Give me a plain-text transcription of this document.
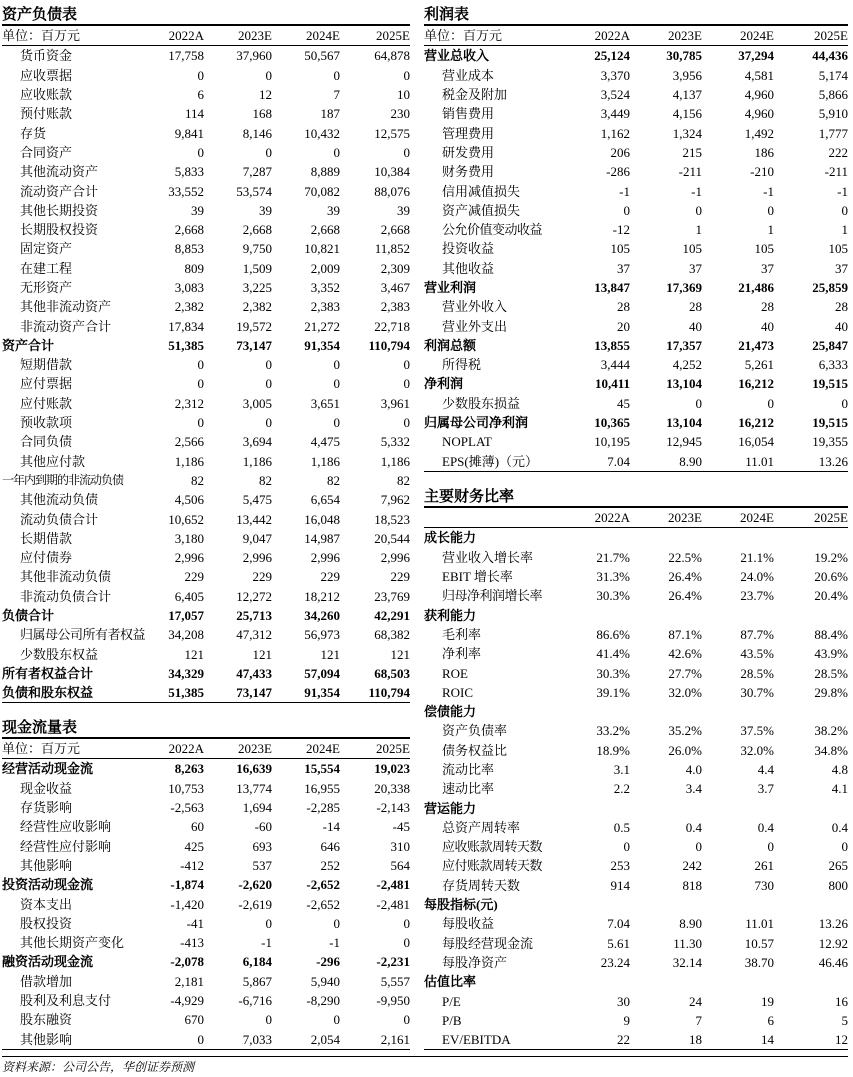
资产负债表
单位：百万元	2022A	2023E	2024E	2025E
货币资金	17,758	37,960	50,567	64,878
应收票据	0	0	0	0
应收账款	6	12	7	10
预付账款	114	168	187	230
存货	9,841	8,146	10,432	12,575
合同资产	0	0	0	0
其他流动资产	5,833	7,287	8,889	10,384
流动资产合计	33,552	53,574	70,082	88,076
其他长期投资	39	39	39	39
长期股权投资	2,668	2,668	2,668	2,668
固定资产	8,853	9,750	10,821	11,852
在建工程	809	1,509	2,009	2,309
无形资产	3,083	3,225	3,352	3,467
其他非流动资产	2,382	2,382	2,383	2,383
非流动资产合计	17,834	19,572	21,272	22,718
资产合计	51,385	73,147	91,354	110,794
短期借款	0	0	0	0
应付票据	0	0	0	0
应付账款	2,312	3,005	3,651	3,961
预收款项	0	0	0	0
合同负债	2,566	3,694	4,475	5,332
其他应付款	1,186	1,186	1,186	1,186
一年内到期的非流动负债	82	82	82	82
其他流动负债	4,506	5,475	6,654	7,962
流动负债合计	10,652	13,442	16,048	18,523
长期借款	3,180	9,047	14,987	20,544
应付债券	2,996	2,996	2,996	2,996
其他非流动负债	229	229	229	229
非流动负债合计	6,405	12,272	18,212	23,769
负债合计	17,057	25,713	34,260	42,291
归属母公司所有者权益	34,208	47,312	56,973	68,382
少数股东权益	121	121	121	121
所有者权益合计	34,329	47,433	57,094	68,503
负债和股东权益	51,385	73,147	91,354	110,794
利润表
单位：百万元	2022A	2023E	2024E	2025E
营业总收入	25,124	30,785	37,294	44,436
营业成本	3,370	3,956	4,581	5,174
税金及附加	3,524	4,137	4,960	5,866
销售费用	3,449	4,156	4,960	5,910
管理费用	1,162	1,324	1,492	1,777
研发费用	206	215	186	222
财务费用	-286	-211	-210	-211
信用减值损失	-1	-1	-1	-1
资产减值损失	0	0	0	0
公允价值变动收益	-12	1	1	1
投资收益	105	105	105	105
其他收益	37	37	37	37
营业利润	13,847	17,369	21,486	25,859
营业外收入	28	28	28	28
营业外支出	20	40	40	40
利润总额	13,855	17,357	21,473	25,847
所得税	3,444	4,252	5,261	6,333
净利润	10,411	13,104	16,212	19,515
少数股东损益	45	0	0	0
归属母公司净利润	10,365	13,104	16,212	19,515
NOPLAT	10,195	12,945	16,054	19,355
EPS(摊薄)（元）	7.04	8.90	11.01	13.26
现金流量表
单位：百万元	2022A	2023E	2024E	2025E
经营活动现金流	8,263	16,639	15,554	19,023
现金收益	10,753	13,774	16,955	20,338
存货影响	-2,563	1,694	-2,285	-2,143
经营性应收影响	60	-60	-14	-45
经营性应付影响	425	693	646	310
其他影响	-412	537	252	564
投资活动现金流	-1,874	-2,620	-2,652	-2,481
资本支出	-1,420	-2,619	-2,652	-2,481
股权投资	-41	0	0	0
其他长期资产变化	-413	-1	-1	0
融资活动现金流	-2,078	6,184	-296	-2,231
借款增加	2,181	5,867	5,940	5,557
股利及利息支付	-4,929	-6,716	-8,290	-9,950
股东融资	670	0	0	0
其他影响	0	7,033	2,054	2,161
主要财务比率
	2022A	2023E	2024E	2025E
成长能力				
营业收入增长率	21.7%	22.5%	21.1%	19.2%
EBIT 增长率	31.3%	26.4%	24.0%	20.6%
归母净利润增长率	30.3%	26.4%	23.7%	20.4%
获利能力				
毛利率	86.6%	87.1%	87.7%	88.4%
净利率	41.4%	42.6%	43.5%	43.9%
ROE	30.3%	27.7%	28.5%	28.5%
ROIC	39.1%	32.0%	30.7%	29.8%
偿债能力				
资产负债率	33.2%	35.2%	37.5%	38.2%
债务权益比	18.9%	26.0%	32.0%	34.8%
流动比率	3.1	4.0	4.4	4.8
速动比率	2.2	3.4	3.7	4.1
营运能力				
总资产周转率	0.5	0.4	0.4	0.4
应收账款周转天数	0	0	0	0
应付账款周转天数	253	242	261	265
存货周转天数	914	818	730	800
每股指标(元)				
每股收益	7.04	8.90	11.01	13.26
每股经营现金流	5.61	11.30	10.57	12.92
每股净资产	23.24	32.14	38.70	46.46
估值比率				
P/E	30	24	19	16
P/B	9	7	6	5
EV/EBITDA	22	18	14	12
资料来源：公司公告，华创证券预测
